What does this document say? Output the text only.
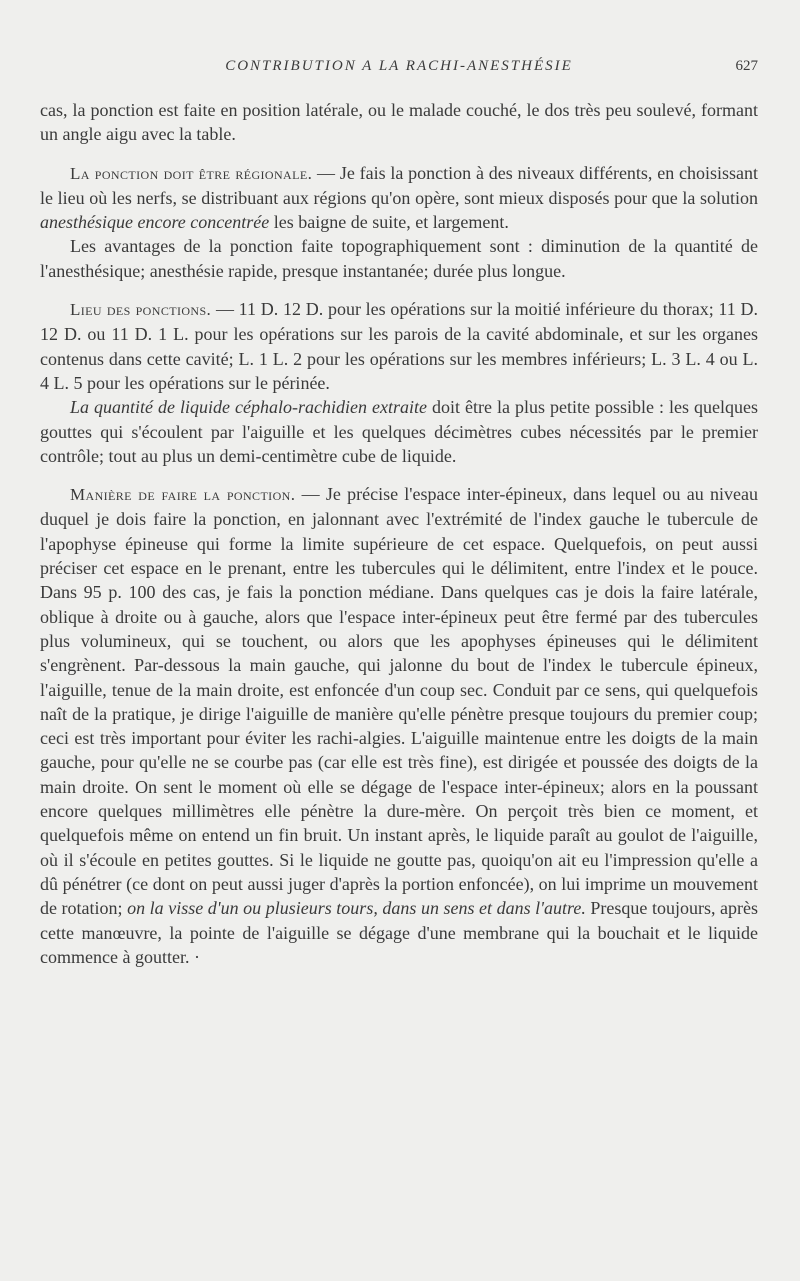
CONTRIBUTION A LA RACHI-ANESTHÉSIE	627

cas, la ponction est faite en position latérale, ou le malade couché, le dos très peu soulevé, formant un angle aigu avec la table.

La ponction doit être régionale. — Je fais la ponction à des niveaux différents, en choisissant le lieu où les nerfs, se distribuant aux régions qu'on opère, sont mieux disposés pour que la solution anesthésique encore concentrée les baigne de suite, et largement.

Les avantages de la ponction faite topographiquement sont : diminution de la quantité de l'anesthésique; anesthésie rapide, presque instantanée; durée plus longue.

Lieu des ponctions. — 11 D. 12 D. pour les opérations sur la moitié inférieure du thorax; 11 D. 12 D. ou 11 D. 1 L. pour les opérations sur les parois de la cavité abdominale, et sur les organes contenus dans cette cavité; L. 1 L. 2 pour les opérations sur les membres inférieurs; L. 3 L. 4 ou L. 4 L. 5 pour les opérations sur le périnée.

La quantité de liquide céphalo-rachidien extraite doit être la plus petite possible : les quelques gouttes qui s'écoulent par l'aiguille et les quelques décimètres cubes nécessités par le premier contrôle; tout au plus un demi-centimètre cube de liquide.

Manière de faire la ponction. — Je précise l'espace inter-épineux, dans lequel ou au niveau duquel je dois faire la ponction, en jalonnant avec l'extrémité de l'index gauche le tubercule de l'apophyse épineuse qui forme la limite supérieure de cet espace. Quelquefois, on peut aussi préciser cet espace en le prenant, entre les tubercules qui le délimitent, entre l'index et le pouce. Dans 95 p. 100 des cas, je fais la ponction médiane. Dans quelques cas je dois la faire latérale, oblique à droite ou à gauche, alors que l'espace inter-épineux peut être fermé par des tubercules plus volumineux, qui se touchent, ou alors que les apophyses épineuses qui le délimitent s'engrènent. Par-dessous la main gauche, qui jalonne du bout de l'index le tubercule épineux, l'aiguille, tenue de la main droite, est enfoncée d'un coup sec. Conduit par ce sens, qui quelquefois naît de la pratique, je dirige l'aiguille de manière qu'elle pénètre presque toujours du premier coup; ceci est très important pour éviter les rachi-algies. L'aiguille maintenue entre les doigts de la main gauche, pour qu'elle ne se courbe pas (car elle est très fine), est dirigée et poussée des doigts de la main droite. On sent le moment où elle se dégage de l'espace inter-épineux; alors en la poussant encore quelques millimètres elle pénètre la dure-mère. On perçoit très bien ce moment, et quelquefois même on entend un fin bruit. Un instant après, le liquide paraît au goulot de l'aiguille, où il s'écoule en petites gouttes. Si le liquide ne goutte pas, quoiqu'on ait eu l'impression qu'elle a dû pénétrer (ce dont on peut aussi juger d'après la portion enfoncée), on lui imprime un mouvement de rotation; on la visse d'un ou plusieurs tours, dans un sens et dans l'autre. Presque toujours, après cette manœuvre, la pointe de l'aiguille se dégage d'une membrane qui la bouchait et le liquide commence à goutter. ·
